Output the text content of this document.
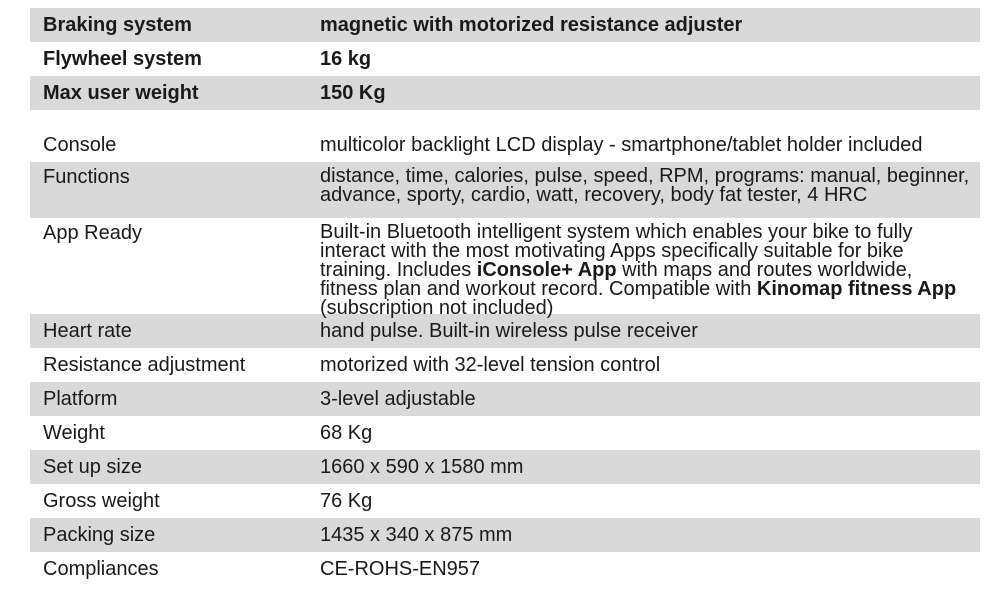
Braking system	magnetic with motorized resistance adjuster
Flywheel system	16 kg
Max user weight	150 Kg
Console	multicolor backlight LCD display - smartphone/tablet holder included
Functions	distance, time, calories, pulse, speed, RPM, programs: manual, beginner, advance, sporty, cardio, watt, recovery, body fat tester, 4 HRC
App Ready	Built-in Bluetooth intelligent system which enables your bike to fully interact with the most motivating Apps specifically suitable for bike training. Includes iConsole+ App with maps and routes worldwide, fitness plan and workout record. Compatible with Kinomap fitness App (subscription not included)
Heart rate	hand pulse. Built-in wireless pulse receiver
Resistance adjustment	motorized with 32-level tension control
Platform	3-level adjustable
Weight	68 Kg
Set up size	1660 x 590 x 1580 mm
Gross weight	76 Kg
Packing size	1435 x 340 x 875 mm
Compliances	CE-ROHS-EN957
